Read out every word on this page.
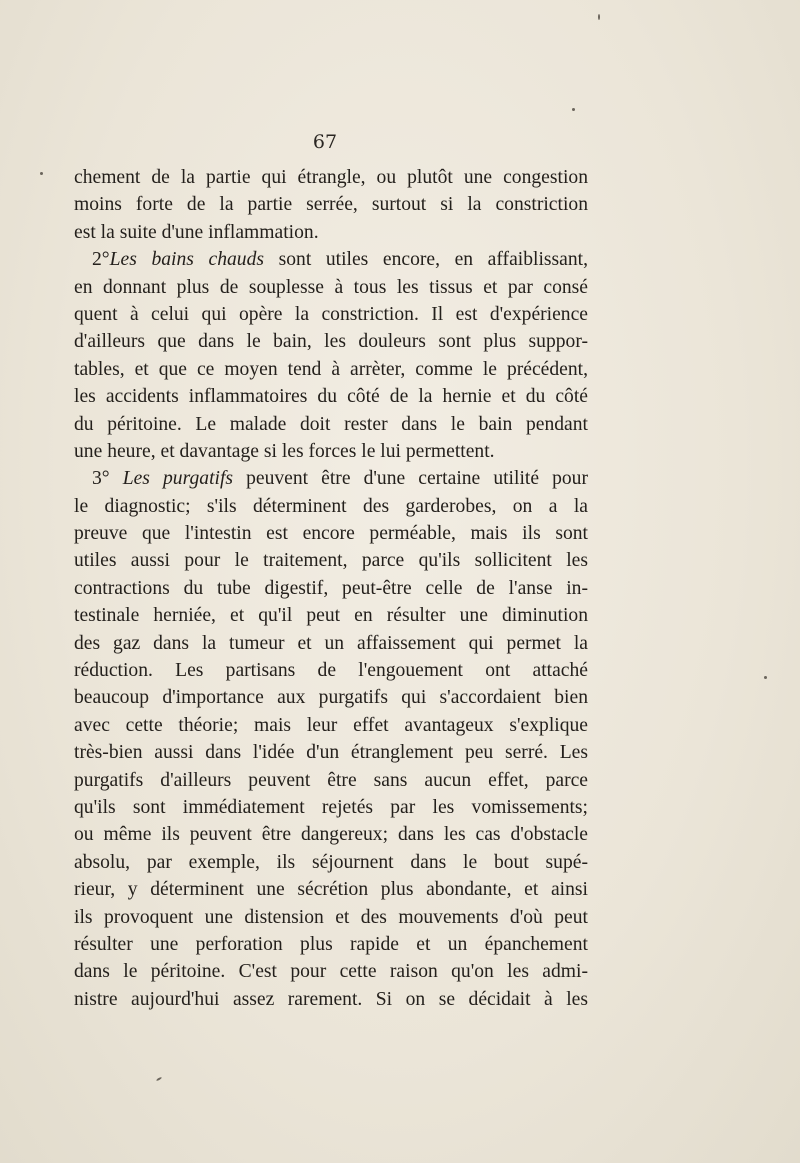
67
chement de la partie qui étrangle, ou plutôt une congestion
moins forte de la partie serrée, surtout si la constriction
est la suite d'une inflammation.
2°Les bains chauds sont utiles encore, en affaiblissant,
en donnant plus de souplesse à tous les tissus et par consé
quent à celui qui opère la constriction. Il est d'expérience
d'ailleurs que dans le bain, les douleurs sont plus suppor-
tables, et que ce moyen tend à arrèter, comme le précédent,
les accidents inflammatoires du côté de la hernie et du côté
du péritoine. Le malade doit rester dans le bain pendant
une heure, et davantage si les forces le lui permettent.
3° Les purgatifs peuvent être d'une certaine utilité pour
le diagnostic; s'ils déterminent des garderobes, on a la
preuve que l'intestin est encore perméable, mais ils sont
utiles aussi pour le traitement, parce qu'ils sollicitent les
contractions du tube digestif, peut-être celle de l'anse in-
testinale herniée, et qu'il peut en résulter une diminution
des gaz dans la tumeur et un affaissement qui permet la
réduction. Les partisans de l'engouement ont attaché
beaucoup d'importance aux purgatifs qui s'accordaient bien
avec cette théorie; mais leur effet avantageux s'explique
très-bien aussi dans l'idée d'un étranglement peu serré. Les
purgatifs d'ailleurs peuvent être sans aucun effet, parce
qu'ils sont immédiatement rejetés par les vomissements;
ou même ils peuvent être dangereux; dans les cas d'obstacle
absolu, par exemple, ils séjournent dans le bout supé-
rieur, y déterminent une sécrétion plus abondante, et ainsi
ils provoquent une distension et des mouvements d'où peut
résulter une perforation plus rapide et un épanchement
dans le péritoine. C'est pour cette raison qu'on les admi-
nistre aujourd'hui assez rarement. Si on se décidait à les
